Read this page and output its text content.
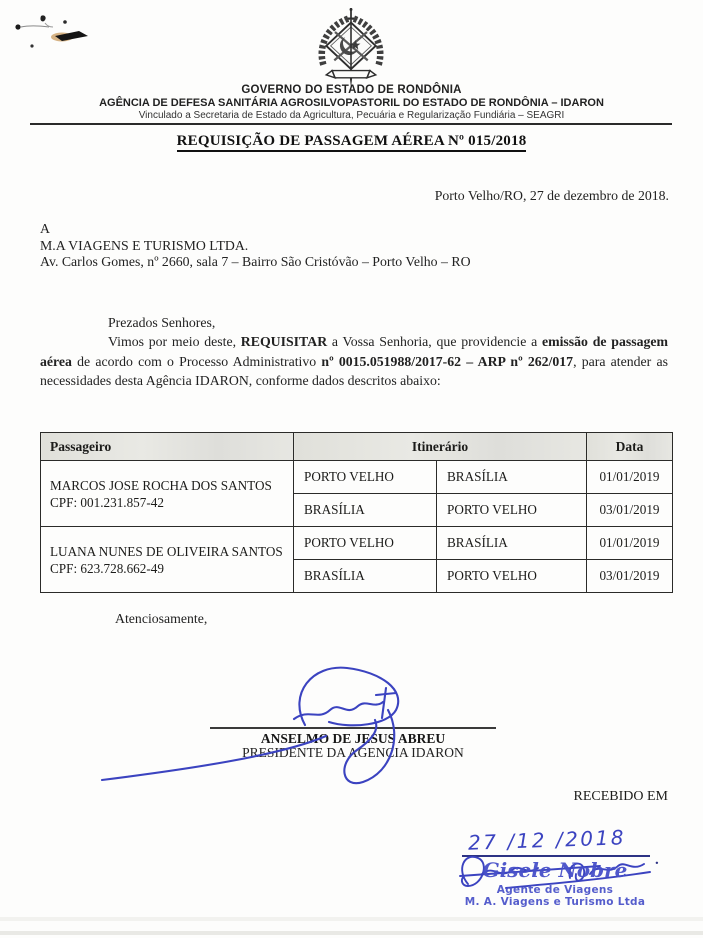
GOVERNO DO ESTADO DE RONDÔNIA
AGÊNCIA DE DEFESA SANITÁRIA AGROSILVOPASTORIL DO ESTADO DE RONDÔNIA – IDARON
Vinculado a Secretaria de Estado da Agricultura, Pecuária e Regularização Fundiária – SEAGRI
REQUISIÇÃO DE PASSAGEM AÉREA Nº 015/2018
Porto Velho/RO, 27 de dezembro de 2018.
A
M.A VIAGENS E TURISMO LTDA.
Av. Carlos Gomes, nº 2660, sala 7 – Bairro São Cristóvão – Porto Velho – RO
Prezados Senhores,

Vimos por meio deste, REQUISITAR a Vossa Senhoria, que providencie a emissão de passagem aérea de acordo com o Processo Administrativo nº 0015.051988/2017-62 – ARP nº 262/017, para atender as necessidades desta Agência IDARON, conforme dados descritos abaixo:

Passageiro	Itinerário		Data

MARCOS JOSE ROCHA DOS SANTOS
CPF: 001.231.857-42	PORTO VELHO	BRASÍLIA	01/01/2019
	BRASÍLIA	PORTO VELHO	03/01/2019

LUANA NUNES DE OLIVEIRA SANTOS
CPF: 623.728.662-49	PORTO VELHO	BRASÍLIA	01/01/2019
	BRASÍLIA	PORTO VELHO	03/01/2019
Atenciosamente,
ANSELMO DE JESUS ABREU
PRESIDENTE DA AGENCIA IDARON
RECEBIDO EM
27 /12 /2018
.
Gisele Nobre
Agente de Viagens
M. A. Viagens e Turismo Ltda
